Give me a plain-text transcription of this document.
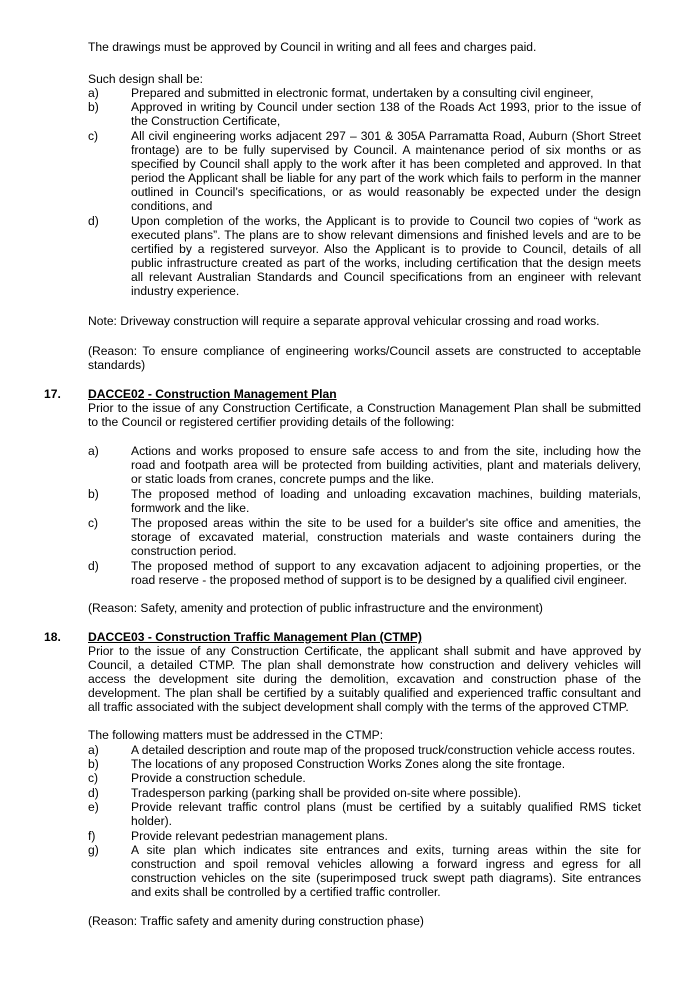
The drawings must be approved by Council in writing and all fees and charges paid.
Such design shall be:
a)	Prepared and submitted in electronic format, undertaken by a consulting civil engineer,
b)	Approved in writing by Council under section 138 of the Roads Act 1993, prior to the issue of
the Construction Certificate,
c)	All civil engineering works adjacent 297 – 301 & 305A Parramatta Road, Auburn (Short Street
frontage) are to be fully supervised by Council. A maintenance period of six months or as
specified by Council shall apply to the work after it has been completed and approved. In that
period the Applicant shall be liable for any part of the work which fails to perform in the manner
outlined in Council’s specifications, or as would reasonably be expected under the design
conditions, and
d)	Upon completion of the works, the Applicant is to provide to Council two copies of “work as
executed plans”. The plans are to show relevant dimensions and finished levels and are to be
certified by a registered surveyor. Also the Applicant is to provide to Council, details of all
public infrastructure created as part of the works, including certification that the design meets
all relevant Australian Standards and Council specifications from an engineer with relevant
industry experience.
Note: Driveway construction will require a separate approval vehicular crossing and road works.
(Reason: To ensure compliance of engineering works/Council assets are constructed to acceptable
standards)
17. DACCE02 - Construction Management Plan
Prior to the issue of any Construction Certificate, a Construction Management Plan shall be submitted
to the Council or registered certifier providing details of the following:
a)	Actions and works proposed to ensure safe access to and from the site, including how the
road and footpath area will be protected from building activities, plant and materials delivery,
or static loads from cranes, concrete pumps and the like.
b)	The proposed method of loading and unloading excavation machines, building materials,
formwork and the like.
c)	The proposed areas within the site to be used for a builder's site office and amenities, the
storage of excavated material, construction materials and waste containers during the
construction period.
d)	The proposed method of support to any excavation adjacent to adjoining properties, or the
road reserve - the proposed method of support is to be designed by a qualified civil engineer.
(Reason: Safety, amenity and protection of public infrastructure and the environment)
18. DACCE03 - Construction Traffic Management Plan (CTMP)
Prior to the issue of any Construction Certificate, the applicant shall submit and have approved by
Council, a detailed CTMP. The plan shall demonstrate how construction and delivery vehicles will
access the development site during the demolition, excavation and construction phase of the
development. The plan shall be certified by a suitably qualified and experienced traffic consultant and
all traffic associated with the subject development shall comply with the terms of the approved CTMP.
The following matters must be addressed in the CTMP:
a)	A detailed description and route map of the proposed truck/construction vehicle access routes.
b)	The locations of any proposed Construction Works Zones along the site frontage.
c)	Provide a construction schedule.
d)	Tradesperson parking (parking shall be provided on-site where possible).
e)	Provide relevant traffic control plans (must be certified by a suitably qualified RMS ticket
holder).
f)	Provide relevant pedestrian management plans.
g)	A site plan which indicates site entrances and exits, turning areas within the site for
construction and spoil removal vehicles allowing a forward ingress and egress for all
construction vehicles on the site (superimposed truck swept path diagrams). Site entrances
and exits shall be controlled by a certified traffic controller.
(Reason: Traffic safety and amenity during construction phase)
